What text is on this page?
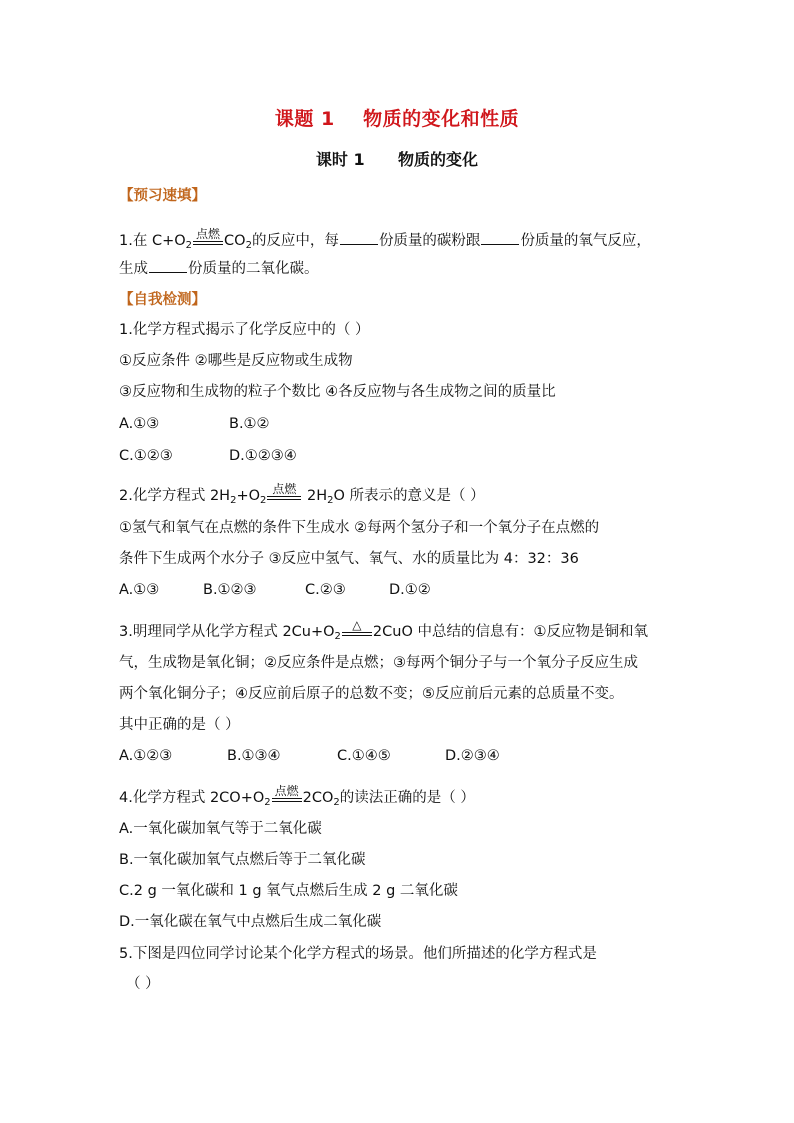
课题 1    物质的变化和性质
课时 1      物质的变化
【预习速填】
1.在 $C+O_2$
点燃 $CO_2$的反应中，每	份质量的碳粉跟	份质量的氧气反应，
生成	份质量的二氧化碳。
【自我检测】
1.化学方程式揭示了化学反应中的（ ）
①反应条件 ②哪些是反应物或生成物
③反应物和生成物的粒子个数比 ④各反应物与各生成物之间的质量比
A.①③	B.①②
C.①②③	D.①②③④
2.化学方程式 $2H_2+O_2$
点燃 $2H_2O$ 所表示的意义是（ ）
①氢气和氧气在点燃的条件下生成水 ②每两个氢分子和一个氧分子在点燃的
条件下生成两个水分子 ③反应中氢气、氧气、水的质量比为 4：32：36
A.①③	B.①②③	C.②③	D.①②
3.明理同学从化学方程式 $2Cu+O_2$
△ 2CuO 中总结的信息有：①反应物是铜和氧
气，生成物是氧化铜；②反应条件是点燃；③每两个铜分子与一个氧分子反应生成
两个氧化铜分子；④反应前后原子的总数不变；⑤反应前后元素的总质量不变。
其中正确的是（ ）
A.①②③	B.①③④	C.①④⑤	D.②③④
4.化学方程式 $2CO+O_2$
点燃 $2CO_2$的读法正确的是（ ）
A.一氧化碳加氧气等于二氧化碳
B.一氧化碳加氧气点燃后等于二氧化碳
C.2 g 一氧化碳和 1 g 氧气点燃后生成 2 g 二氧化碳
D.一氧化碳在氧气中点燃后生成二氧化碳
5.下图是四位同学讨论某个化学方程式的场景。他们所描述的化学方程式是
（ ）
